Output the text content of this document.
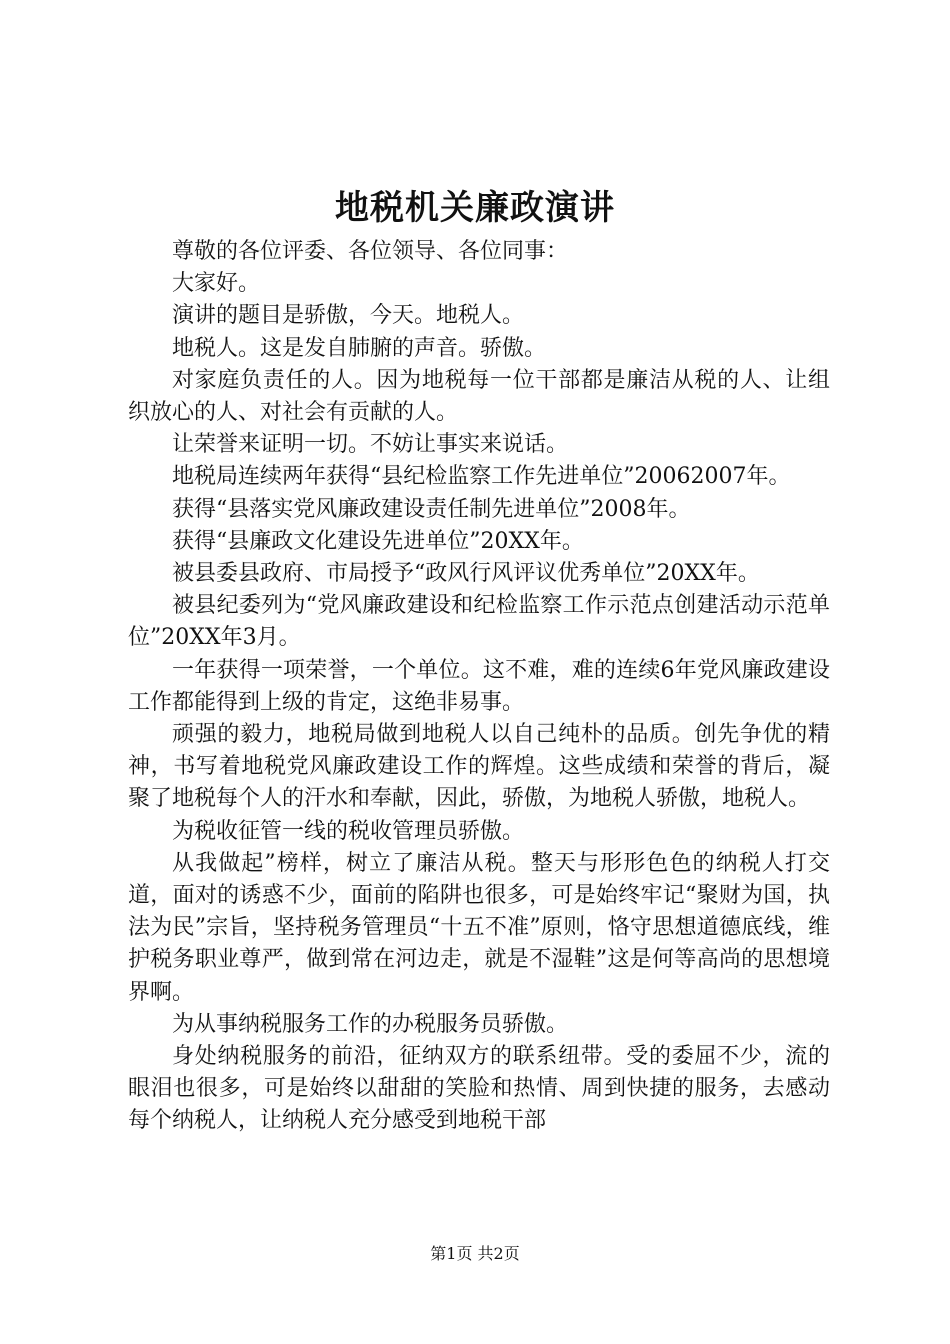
地税机关廉政演讲

尊敬的各位评委、各位领导、各位同事：

大家好。

演讲的题目是骄傲，今天。地税人。

地税人。这是发自肺腑的声音。骄傲。

对家庭负责任的人。因为地税每一位干部都是廉洁从税的人、让组织放心的人、对社会有贡献的人。

让荣誉来证明一切。不妨让事实来说话。

地税局连续两年获得“县纪检监察工作先进单位”20062007年。

获得“县落实党风廉政建设责任制先进单位”2008年。

获得“县廉政文化建设先进单位”20XX年。

被县委县政府、市局授予“政风行风评议优秀单位”20XX年。

被县纪委列为“党风廉政建设和纪检监察工作示范点创建活动示范单位”20XX年3月。

一年获得一项荣誉，一个单位。这不难，难的连续6年党风廉政建设工作都能得到上级的肯定，这绝非易事。

顽强的毅力，地税局做到地税人以自己纯朴的品质。创先争优的精神，书写着地税党风廉政建设工作的辉煌。这些成绩和荣誉的背后，凝聚了地税每个人的汗水和奉献，因此，骄傲，为地税人骄傲，地税人。

为税收征管一线的税收管理员骄傲。

从我做起”榜样，树立了廉洁从税。整天与形形色色的纳税人打交道，面对的诱惑不少，面前的陷阱也很多，可是始终牢记“聚财为国，执法为民”宗旨，坚持税务管理员“十五不准”原则，恪守思想道德底线，维护税务职业尊严，做到常在河边走，就是不湿鞋”这是何等高尚的思想境界啊。

为从事纳税服务工作的办税服务员骄傲。

身处纳税服务的前沿，征纳双方的联系纽带。受的委屈不少，流的眼泪也很多，可是始终以甜甜的笑脸和热情、周到快捷的服务，去感动每个纳税人，让纳税人充分感受到地税干部

第1页 共2页
